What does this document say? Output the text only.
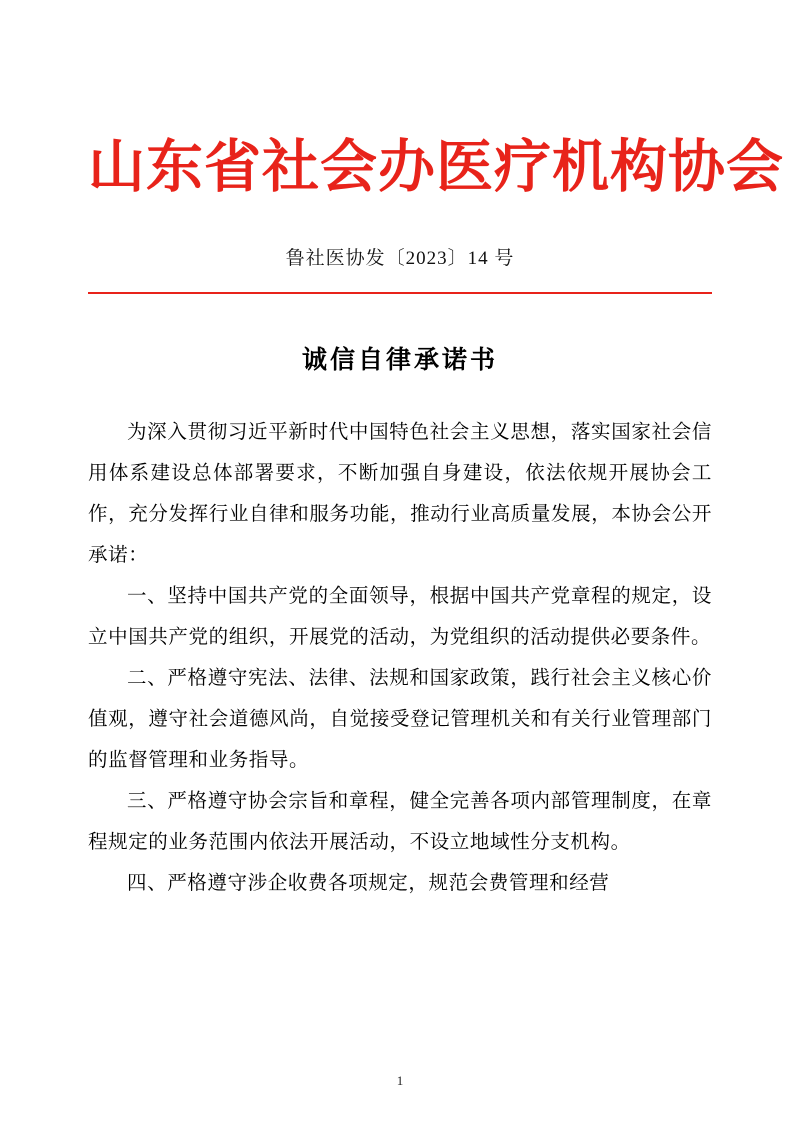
山东省社会办医疗机构协会
鲁社医协发〔2023〕14 号
诚信自律承诺书

为深入贯彻习近平新时代中国特色社会主义思想，落实国家社会信用体系建设总体部署要求，不断加强自身建设，依法依规开展协会工作，充分发挥行业自律和服务功能，推动行业高质量发展，本协会公开承诺：

一、坚持中国共产党的全面领导，根据中国共产党章程的规定，设立中国共产党的组织，开展党的活动，为党组织的活动提供必要条件。

二、严格遵守宪法、法律、法规和国家政策，践行社会主义核心价值观，遵守社会道德风尚，自觉接受登记管理机关和有关行业管理部门的监督管理和业务指导。

三、严格遵守协会宗旨和章程，健全完善各项内部管理制度，在章程规定的业务范围内依法开展活动，不设立地域性分支机构。

四、严格遵守涉企收费各项规定，规范会费管理和经营

1
